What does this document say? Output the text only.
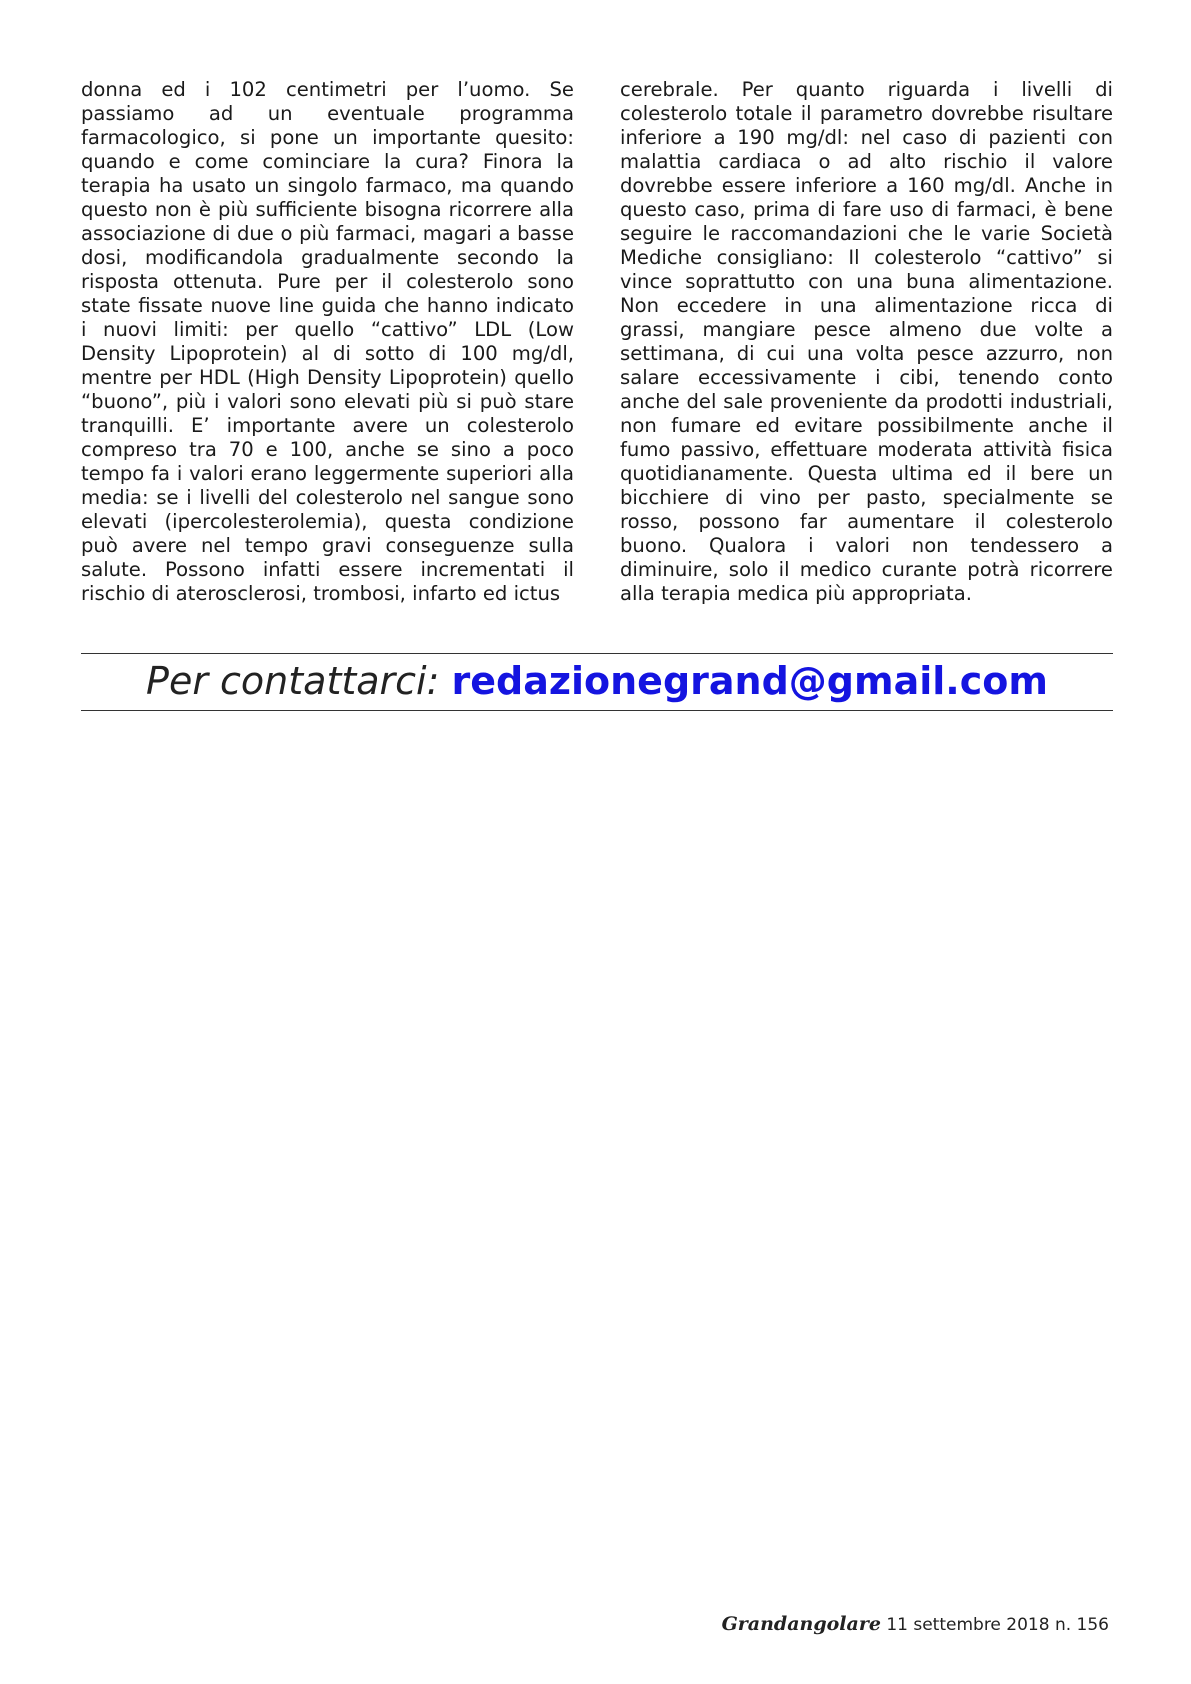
donna ed i 102 centimetri per l’uomo. Se passiamo ad un eventuale programma farmacologico, si pone un importante quesito: quando e come cominciare la cura? Finora la terapia ha usato un singolo farmaco, ma quando questo non è più sufficiente bisogna ricorrere alla associazione di due o più farmaci, magari a basse dosi, modificandola gradualmente secondo la risposta ottenuta. Pure per il colesterolo sono state fissate nuove line guida che hanno indicato i nuovi limiti: per quello “cattivo” LDL (Low Density Lipoprotein) al di sotto di 100 mg/dl, mentre per HDL (High Density Lipoprotein) quello “buono”, più i valori sono elevati più si può stare tranquilli. E’ importante avere un colesterolo compreso tra 70 e 100, anche se sino a poco tempo fa i valori erano leggermente superiori alla media: se i livelli del colesterolo nel sangue sono elevati (ipercolesterolemia), questa condizione può avere nel tempo gravi conseguenze sulla salute. Possono infatti essere incrementati il rischio di aterosclerosi, trombosi, infarto ed ictus

cerebrale. Per quanto riguarda i livelli di colesterolo totale il parametro dovrebbe risultare inferiore a 190 mg/dl: nel caso di pazienti con malattia cardiaca o ad alto rischio il valore dovrebbe essere inferiore a 160 mg/dl. Anche in questo caso, prima di fare uso di farmaci, è bene seguire le raccomandazioni che le varie Società Mediche consigliano: Il colesterolo “cattivo” si vince soprattutto con una buna alimentazione. Non eccedere in una alimentazione ricca di grassi, mangiare pesce almeno due volte a settimana, di cui una volta pesce azzurro, non salare eccessivamente i cibi, tenendo conto anche del sale proveniente da prodotti industriali, non fumare ed evitare possibilmente anche il fumo passivo, effettuare moderata attività fisica quotidianamente. Questa ultima ed il bere un bicchiere di vino per pasto, specialmente se rosso, possono far aumentare il colesterolo buono. Qualora i valori non tendessero a diminuire, solo il medico curante potrà ricorrere alla terapia medica più appropriata.

Per contattarci: redazionegrand@gmail.com
Grandangolare 11 settembre 2018 n. 156
